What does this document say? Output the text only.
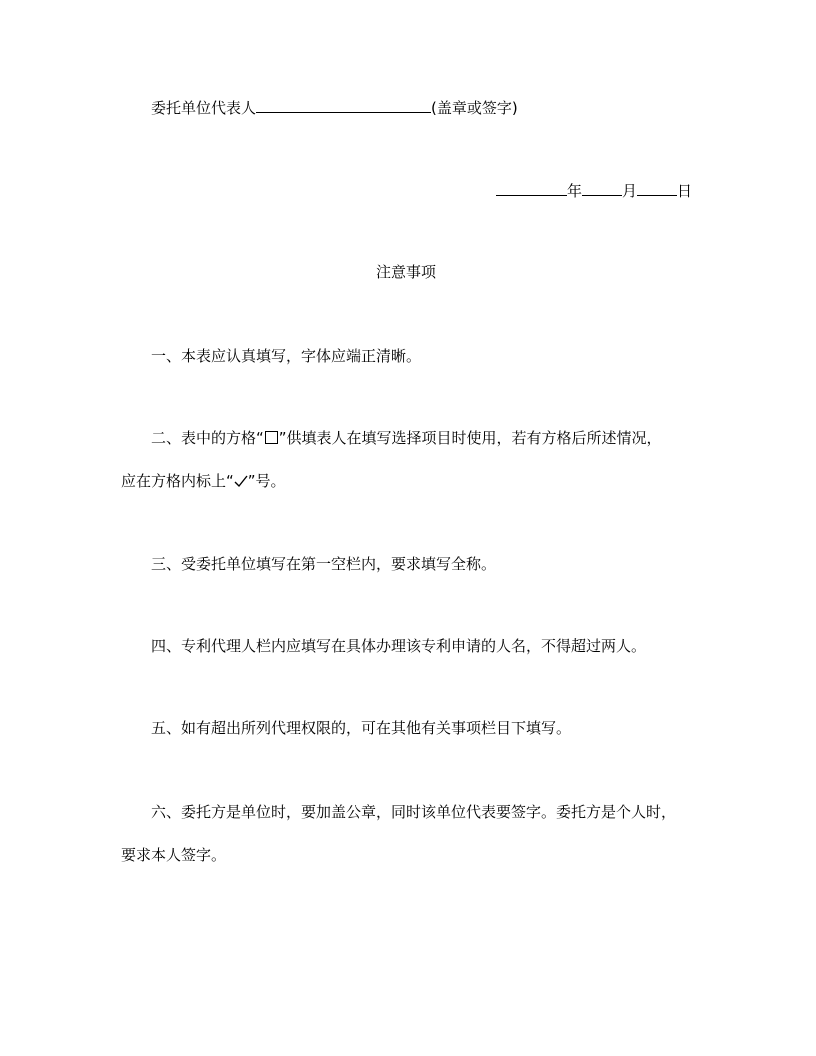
委托单位代表人	(盖章或签字)
年	月	日
注意事项
一、本表应认真填写，字体应端正清晰。
二、表中的方格“ ”供填表人在填写选择项目时使用，若有方格后所述情况，
应在方格内标上“ ”号。
三、受委托单位填写在第一空栏内，要求填写全称。
四、专利代理人栏内应填写在具体办理该专利申请的人名，不得超过两人。
五、如有超出所列代理权限的，可在其他有关事项栏目下填写。
六、委托方是单位时，要加盖公章，同时该单位代表要签字。委托方是个人时，
要求本人签字。
